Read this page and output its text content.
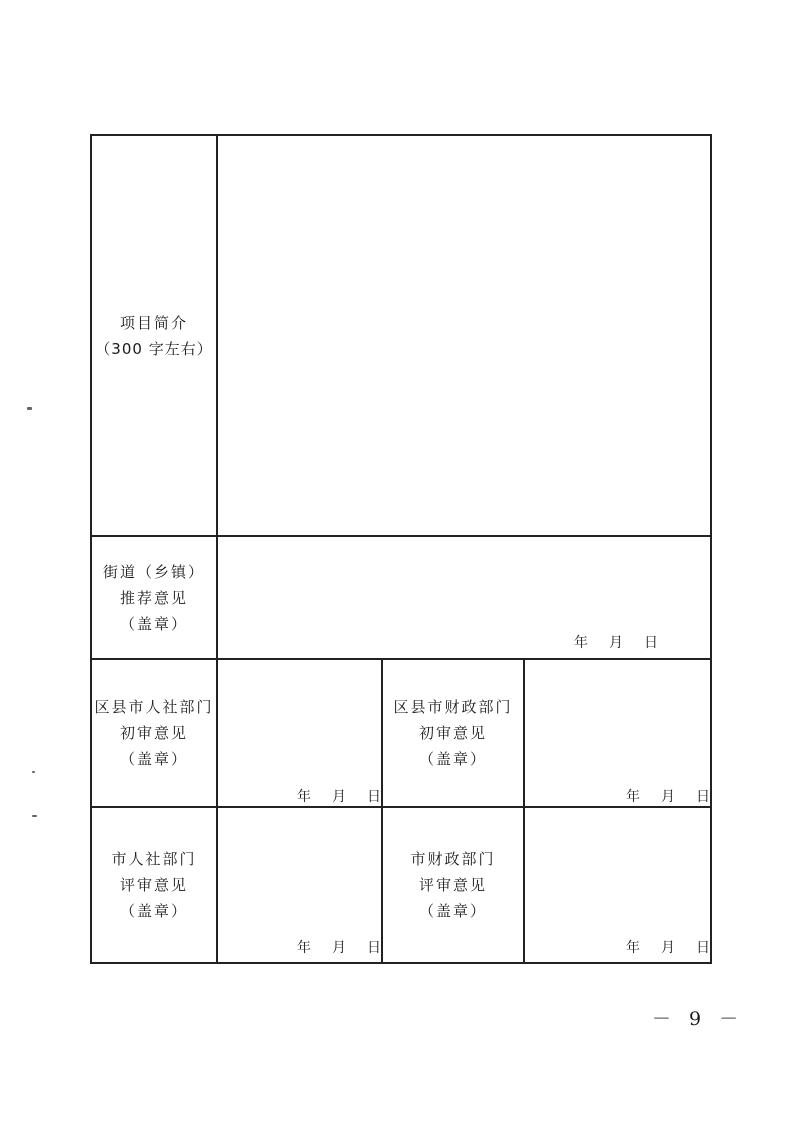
项目简介
（300 字左右）
街道（乡镇）
推荐意见
（盖章）
年 月 日
区县市人社部门
初审意见
（盖章）
年 月 日
区县市财政部门
初审意见
（盖章）
年 月 日
市人社部门
评审意见
（盖章）
年 月 日
市财政部门
评审意见
（盖章）
年 月 日
－ 9 －
